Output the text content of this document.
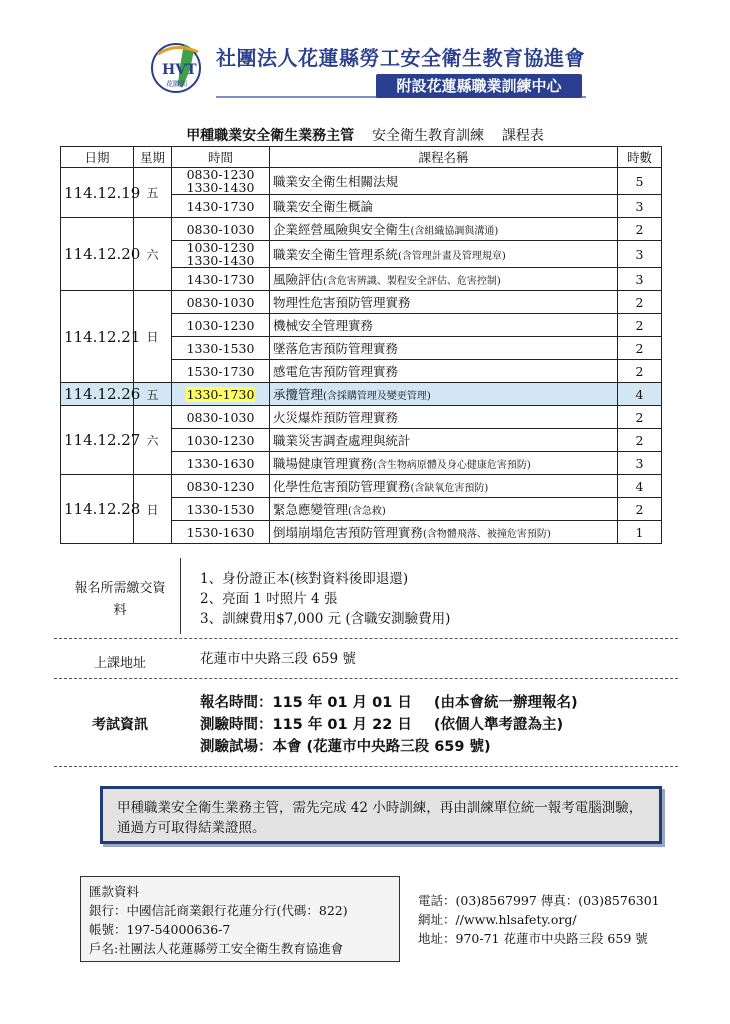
HVT
花職訓
社團法人花蓮縣勞工安全衛生教育協進會
附設花蓮縣職業訓練中心
甲種職業安全衛生業務主管 安全衛生教育訓練 課程表
日期	星期	時間	課程名稱	時數
114.12.19	五	0830-1230 1330-1430	職業安全衛生相關法規	5
		1430-1730	職業安全衛生概論	3
114.12.20	六	0830-1030	企業經營風險與安全衛生(含組織協調與溝通)	2
		1030-1230 1330-1430	職業安全衛生管理系統(含管理計畫及管理規章)	3
		1430-1730	風險評估(含危害辨識、製程安全評估、危害控制)	3
114.12.21	日	0830-1030	物理性危害預防管理實務	2
		1030-1230	機械安全管理實務	2
		1330-1530	墜落危害預防管理實務	2
		1530-1730	感電危害預防管理實務	2
114.12.26	五	1330-1730	承攬管理(含採購管理及變更管理)	4
114.12.27	六	0830-1030	火災爆炸預防管理實務	2
		1030-1230	職業災害調查處理與統計	2
		1330-1630	職場健康管理實務(含生物病原體及身心健康危害預防)	3
114.12.28	日	0830-1230	化學性危害預防管理實務(含缺氧危害預防)	4
		1330-1530	緊急應變管理(含急救)	2
		1530-1630	倒塌崩塌危害預防管理實務(含物體飛落、被撞危害預防)	1
報名所需繳交資料
1、身份證正本(核對資料後即退還)
2、亮面 1 吋照片 4 張
3、訓練費用$7,000 元 (含職安測驗費用)
上課地址	花蓮市中央路三段 659 號
考試資訊
報名時間：115 年 01 月 01 日 (由本會統一辦理報名)
測驗時間：115 年 01 月 22 日 (依個人準考證為主)
測驗試場：本會 (花蓮市中央路三段 659 號)
甲種職業安全衛生業務主管，需先完成 42 小時訓練，再由訓練單位統一報考電腦測驗，通過方可取得結業證照。
匯款資料
銀行：中國信託商業銀行花蓮分行(代碼：822)
帳號：197-54000636-7
戶名:社團法人花蓮縣勞工安全衛生教育協進會
電話：(03)8567997 傳真：(03)8576301
網址：//www.hlsafety.org/
地址：970-71 花蓮市中央路三段 659 號
